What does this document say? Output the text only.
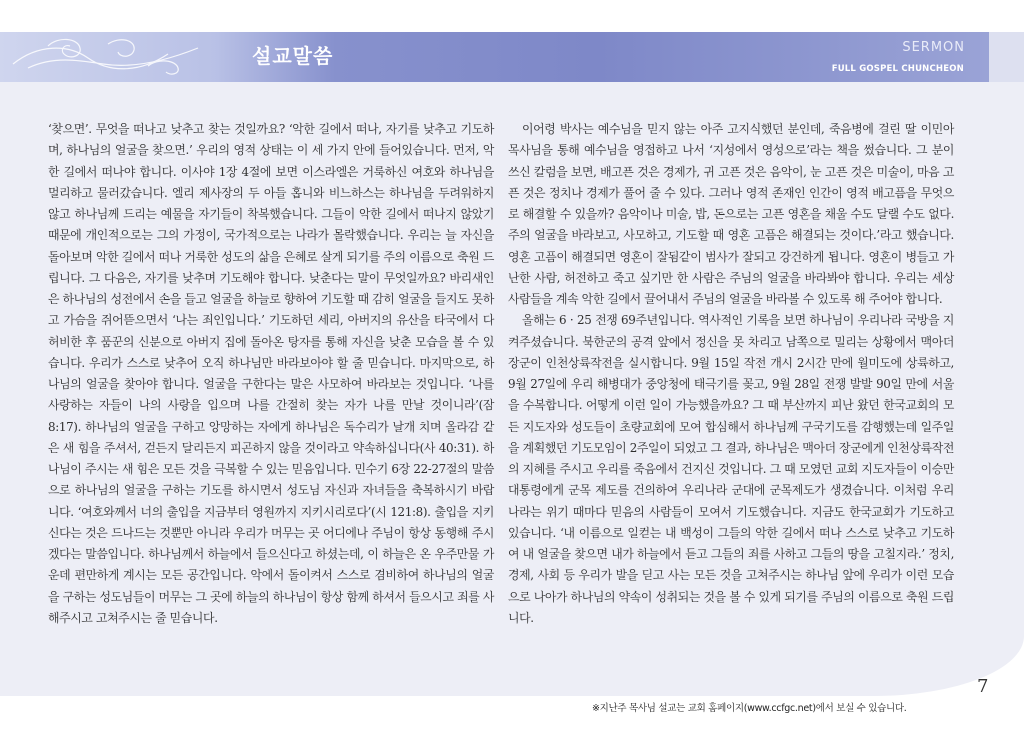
설교말씀	SERMON
FULL GOSPEL CHUNCHEON

‘찾으면’. 무엇을 떠나고 낮추고 찾는 것일까요? ‘악한 길에서 떠나, 자기를 낮추고 기도하며, 하나님의 얼굴을 찾으면.’ 우리의 영적 상태는 이 세 가지 안에 들어있습니다. 먼저, 악한 길에서 떠나야 합니다. 이사야 1장 4절에 보면 이스라엘은 거룩하신 여호와 하나님을 멀리하고 물러갔습니다. 엘리 제사장의 두 아들 홉니와 비느하스는 하나님을 두려워하지 않고 하나님께 드리는 예물을 자기들이 착복했습니다. 그들이 악한 길에서 떠나지 않았기 때문에 개인적으로는 그의 가정이, 국가적으로는 나라가 몰락했습니다. 우리는 늘 자신을 돌아보며 악한 길에서 떠나 거룩한 성도의 삶을 은혜로 살게 되기를 주의 이름으로 축원 드립니다. 그 다음은, 자기를 낮추며 기도해야 합니다. 낮춘다는 말이 무엇일까요? 바리새인은 하나님의 성전에서 손을 들고 얼굴을 하늘로 향하여 기도할 때 감히 얼굴을 들지도 못하고 가슴을 쥐어뜯으면서 ‘나는 죄인입니다.’ 기도하던 세리, 아버지의 유산을 타국에서 다 허비한 후 품꾼의 신분으로 아버지 집에 돌아온 탕자를 통해 자신을 낮춘 모습을 볼 수 있습니다. 우리가 스스로 낮추어 오직 하나님만 바라보아야 할 줄 믿습니다. 마지막으로, 하나님의 얼굴을 찾아야 합니다. 얼굴을 구한다는 말은 사모하여 바라보는 것입니다. ‘나를 사랑하는 자들이 나의 사랑을 입으며 나를 간절히 찾는 자가 나를 만날 것이니라’(잠 8:17). 하나님의 얼굴을 구하고 앙망하는 자에게 하나님은 독수리가 날개 치며 올라감 같은 새 힘을 주셔서, 걷든지 달리든지 피곤하지 않을 것이라고 약속하십니다(사 40:31). 하나님이 주시는 새 힘은 모든 것을 극복할 수 있는 믿음입니다. 민수기 6장 22-27절의 말씀으로 하나님의 얼굴을 구하는 기도를 하시면서 성도님 자신과 자녀들을 축복하시기 바랍니다. ‘여호와께서 너의 출입을 지금부터 영원까지 지키시리로다’(시 121:8). 출입을 지키신다는 것은 드나드는 것뿐만 아니라 우리가 머무는 곳 어디에나 주님이 항상 동행해 주시겠다는 말씀입니다. 하나님께서 하늘에서 들으신다고 하셨는데, 이 하늘은 온 우주만물 가운데 편만하게 계시는 모든 공간입니다. 악에서 돌이켜서 스스로 겸비하여 하나님의 얼굴을 구하는 성도님들이 머무는 그 곳에 하늘의 하나님이 항상 함께 하셔서 들으시고 죄를 사해주시고 고쳐주시는 줄 믿습니다.

이어령 박사는 예수님을 믿지 않는 아주 고지식했던 분인데, 죽음병에 걸린 딸 이민아 목사님을 통해 예수님을 영접하고 나서 ‘지성에서 영성으로’라는 책을 썼습니다. 그 분이 쓰신 칼럼을 보면, 배고픈 것은 경제가, 귀 고픈 것은 음악이, 눈 고픈 것은 미술이, 마음 고픈 것은 정치나 경제가 풀어 줄 수 있다. 그러나 영적 존재인 인간이 영적 배고픔을 무엇으로 해결할 수 있을까? 음악이나 미술, 밥, 돈으로는 고픈 영혼을 채울 수도 달랠 수도 없다. 주의 얼굴을 바라보고, 사모하고, 기도할 때 영혼 고픔은 해결되는 것이다.’라고 했습니다. 영혼 고픔이 해결되면 영혼이 잘됨같이 범사가 잘되고 강건하게 됩니다. 영혼이 병들고 가난한 사람, 허전하고 죽고 싶기만 한 사람은 주님의 얼굴을 바라봐야 합니다. 우리는 세상 사람들을 계속 악한 길에서 끌어내서 주님의 얼굴을 바라볼 수 있도록 해 주어야 합니다.

올해는 6 · 25 전쟁 69주년입니다. 역사적인 기록을 보면 하나님이 우리나라 국방을 지켜주셨습니다. 북한군의 공격 앞에서 정신을 못 차리고 남쪽으로 밀리는 상황에서 맥아더 장군이 인천상륙작전을 실시합니다. 9월 15일 작전 개시 2시간 만에 월미도에 상륙하고, 9월 27일에 우리 해병대가 중앙청에 태극기를 꽂고, 9월 28일 전쟁 발발 90일 만에 서울을 수복합니다. 어떻게 이런 일이 가능했을까요? 그 때 부산까지 피난 왔던 한국교회의 모든 지도자와 성도들이 초량교회에 모여 합심해서 하나님께 구국기도를 감행했는데 일주일을 계획했던 기도모임이 2주일이 되었고 그 결과, 하나님은 맥아더 장군에게 인천상륙작전의 지혜를 주시고 우리를 죽음에서 건지신 것입니다. 그 때 모였던 교회 지도자들이 이승만 대통령에게 군목 제도를 건의하여 우리나라 군대에 군목제도가 생겼습니다. 이처럼 우리나라는 위기 때마다 믿음의 사람들이 모여서 기도했습니다. 지금도 한국교회가 기도하고 있습니다. ‘내 이름으로 일컫는 내 백성이 그들의 악한 길에서 떠나 스스로 낮추고 기도하여 내 얼굴을 찾으면 내가 하늘에서 듣고 그들의 죄를 사하고 그들의 땅을 고칠지라.’ 정치, 경제, 사회 등 우리가 발을 딛고 사는 모든 것을 고쳐주시는 하나님 앞에 우리가 이런 모습으로 나아가 하나님의 약속이 성취되는 것을 볼 수 있게 되기를 주님의 이름으로 축원 드립니다.

7
※지난주 목사님 설교는 교회 홈페이지(www.ccfgc.net)에서 보실 수 있습니다.
